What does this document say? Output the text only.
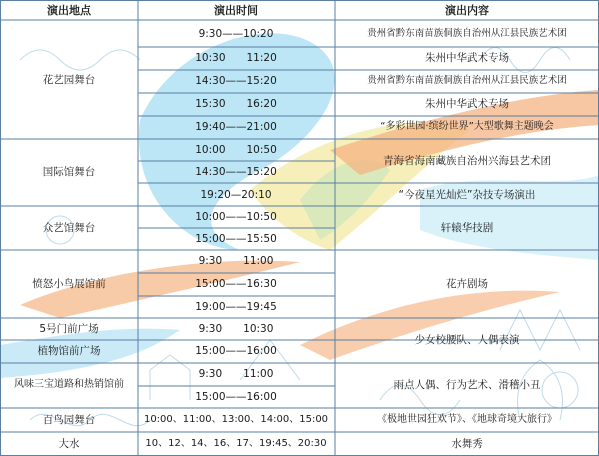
演出地点	演出时间	演出内容
花艺园舞台
国际馆舞台
众艺馆舞台
愤怒小鸟展馆前
5号门前广场
植物馆前广场
风味三宝道路和热销馆前
百鸟园舞台
大水
9:30——10:20
10:30　　11:20
14:30——15:20
15:30　　16:20
19:40——21:00
10:00　　10:50
14:30——15:20
19:20—20:10
10:00——10:50
15:00——15:50
9:30　　11:00
15:00——16:30
19:00——19:45
9:30　　10:30
15:00——16:00
9:30　　11:00
15:00——16:00
10:00、11:00、13:00、14:00、15:00
10、12、14、16、17、19:45、20:30
贵州省黔东南苗族侗族自治州从江县民族艺术团
朱州中华武术专场
贵州省黔东南苗族侗族自治州从江县民族艺术团
朱州中华武术专场
“多彩世园·缤纷世界”大型歌舞主题晚会
青海省海南藏族自治州兴海县艺术团
“今夜星光灿烂”杂技专场演出
轩辕华技剧
花卉剧场
少女校腰队、人偶表演
雨点人偶、行为艺术、滑稽小丑
《极地世园狂欢节》、《地球奇境大旅行》
水舞秀
